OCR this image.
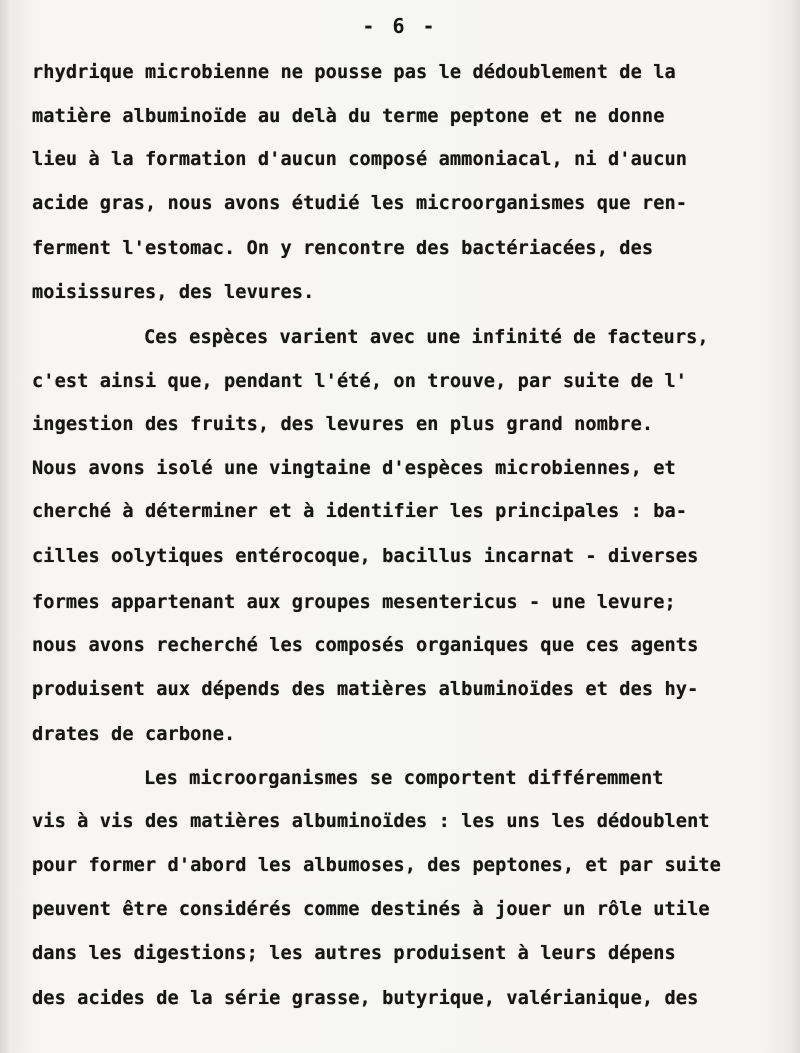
- 6 -

rhydrique microbienne ne pousse pas le dédoublement de la
matière albuminoïde au delà du terme peptone et ne donne
lieu à la formation d'aucun composé ammoniacal, ni d'aucun
acide gras, nous avons étudié les microorganismes que ren-
ferment l'estomac. On y rencontre des bactériacées, des
moisissures, des levures.
Ces espèces varient avec une infinité de facteurs,
c'est ainsi que, pendant l'été, on trouve, par suite de l'
ingestion des fruits, des levures en plus grand nombre.
Nous avons isolé une vingtaine d'espèces microbiennes, et
cherché à déterminer et à identifier les principales : ba-
cilles oolytiques entérocoque, bacillus incarnat - diverses
formes appartenant aux groupes mesentericus - une levure;
nous avons recherché les composés organiques que ces agents
produisent aux dépends des matières albuminoïdes et des hy-
drates de carbone.
Les microorganismes se comportent différemment
vis à vis des matières albuminoïdes : les uns les dédoublent
pour former d'abord les albumoses, des peptones, et par suite
peuvent être considérés comme destinés à jouer un rôle utile
dans les digestions; les autres produisent à leurs dépens
des acides de la série grasse, butyrique, valérianique, des
